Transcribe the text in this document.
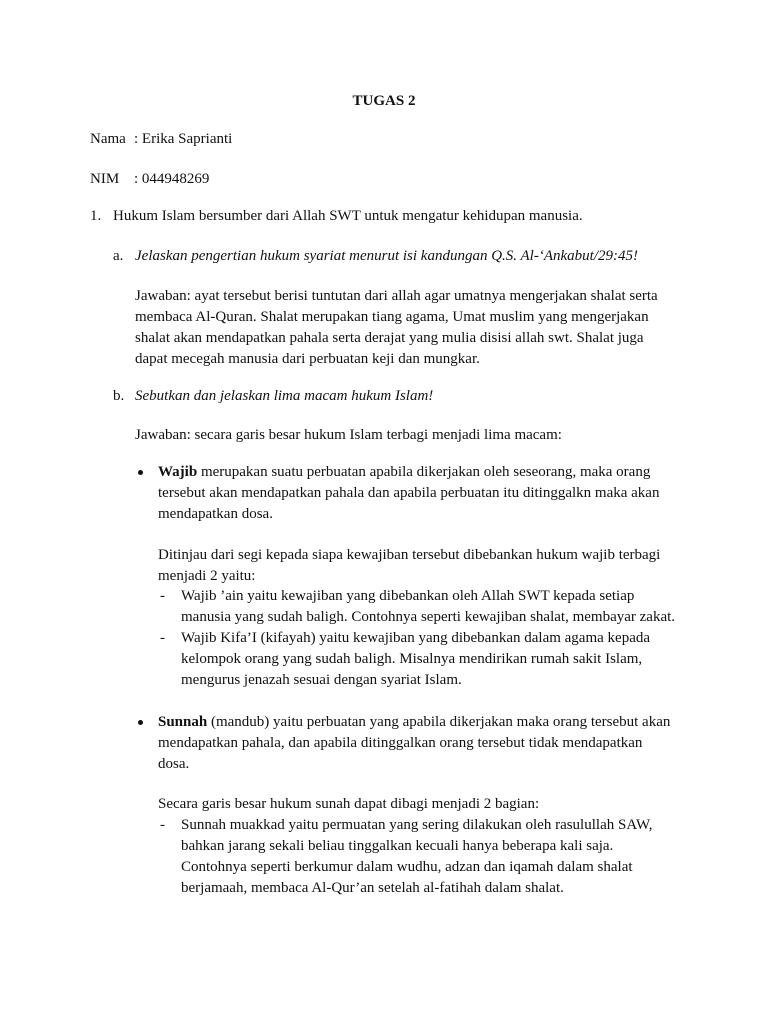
TUGAS 2
Nama : Erika Saprianti
NIM : 044948269
1. Hukum Islam bersumber dari Allah SWT untuk mengatur kehidupan manusia.
a. Jelaskan pengertian hukum syariat menurut isi kandungan Q.S. Al-‘Ankabut/29:45!
Jawaban: ayat tersebut berisi tuntutan dari allah agar umatnya mengerjakan shalat serta
membaca Al-Quran. Shalat merupakan tiang agama, Umat muslim yang mengerjakan
shalat akan mendapatkan pahala serta derajat yang mulia disisi allah swt. Shalat juga
dapat mecegah manusia dari perbuatan keji dan mungkar.
b. Sebutkan dan jelaskan lima macam hukum Islam!
Jawaban: secara garis besar hukum Islam terbagi menjadi lima macam:
Wajib merupakan suatu perbuatan apabila dikerjakan oleh seseorang, maka orang
tersebut akan mendapatkan pahala dan apabila perbuatan itu ditinggalkn maka akan
mendapatkan dosa.
Ditinjau dari segi kepada siapa kewajiban tersebut dibebankan hukum wajib terbagi
menjadi 2 yaitu:
- Wajib ’ain yaitu kewajiban yang dibebankan oleh Allah SWT kepada setiap
manusia yang sudah baligh. Contohnya seperti kewajiban shalat, membayar zakat.
- Wajib Kifa’I (kifayah) yaitu kewajiban yang dibebankan dalam agama kepada
kelompok orang yang sudah baligh. Misalnya mendirikan rumah sakit Islam,
mengurus jenazah sesuai dengan syariat Islam.
Sunnah (mandub) yaitu perbuatan yang apabila dikerjakan maka orang tersebut akan
mendapatkan pahala, dan apabila ditinggalkan orang tersebut tidak mendapatkan
dosa.
Secara garis besar hukum sunah dapat dibagi menjadi 2 bagian:
- Sunnah muakkad yaitu permuatan yang sering dilakukan oleh rasulullah SAW,
bahkan jarang sekali beliau tinggalkan kecuali hanya beberapa kali saja.
Contohnya seperti berkumur dalam wudhu, adzan dan iqamah dalam shalat
berjamaah, membaca Al-Qur’an setelah al-fatihah dalam shalat.
